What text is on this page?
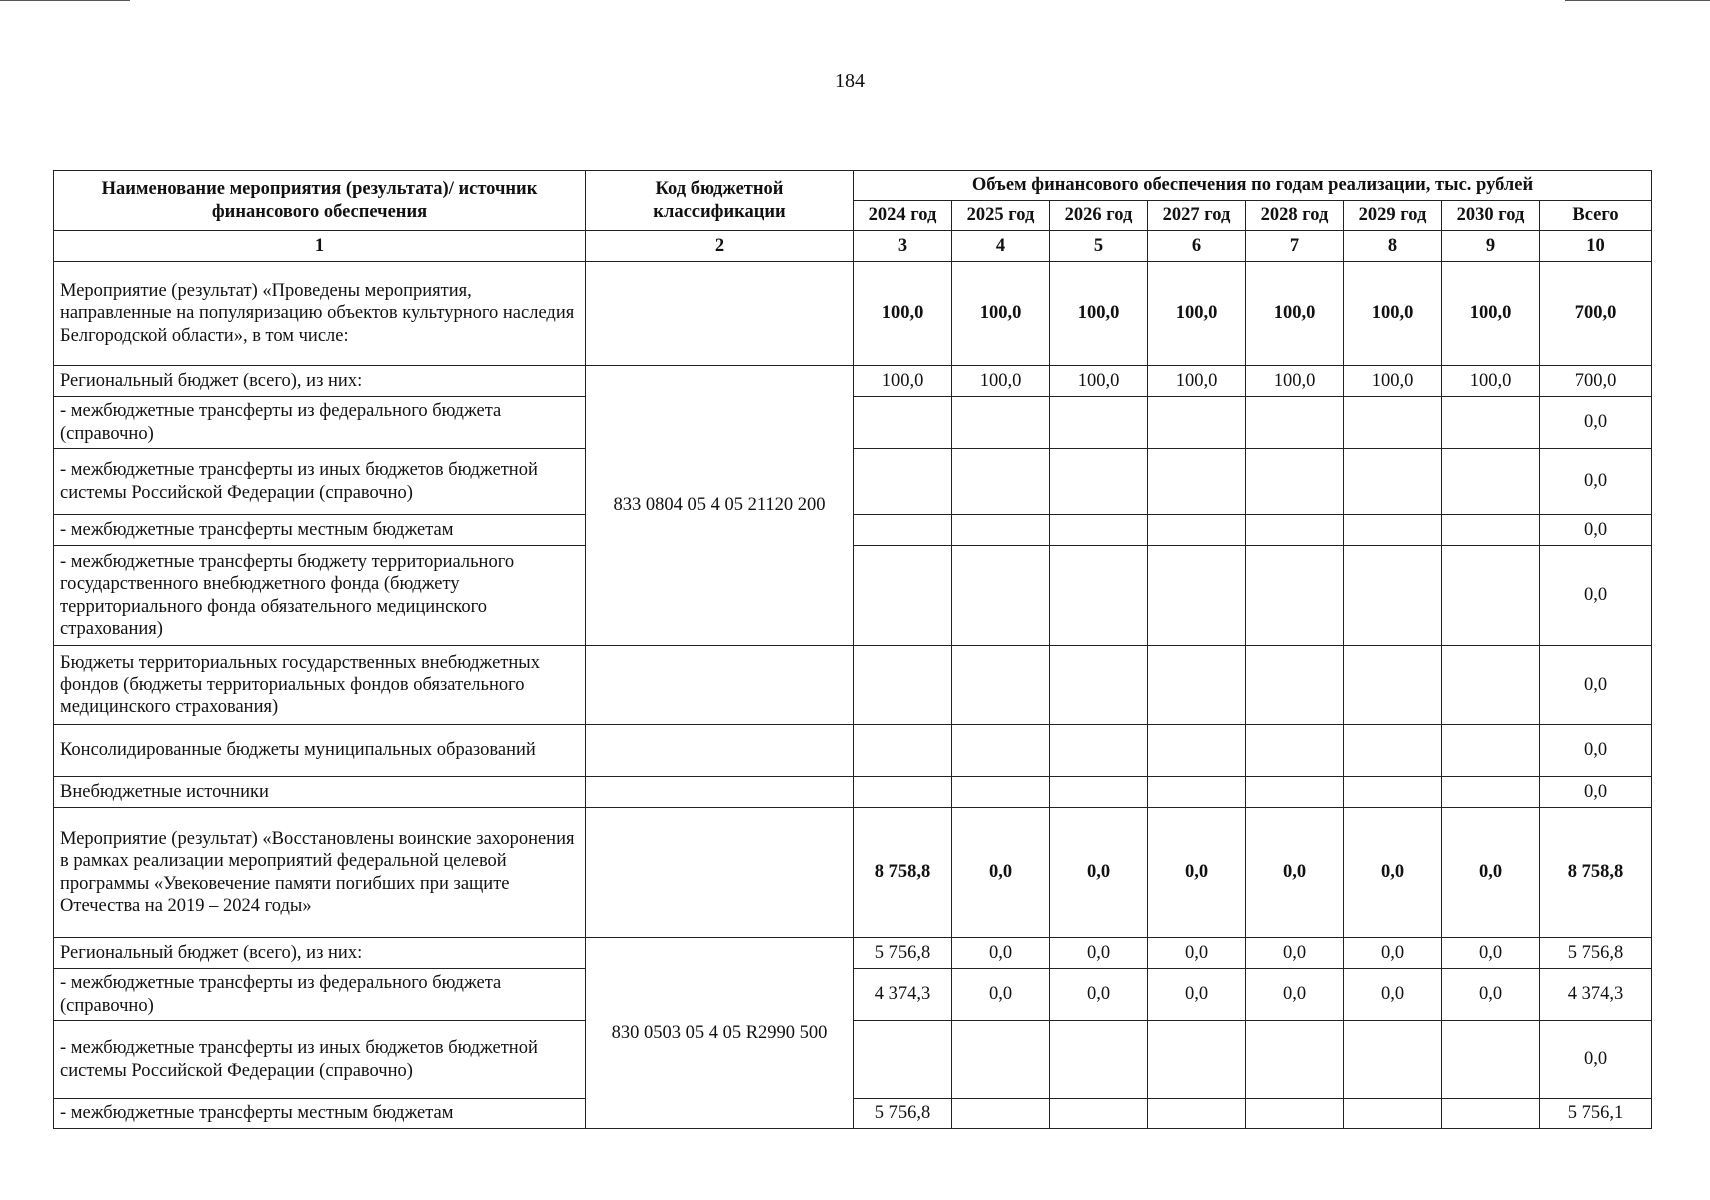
184
Наименование мероприятия (результата)/ источник финансового обеспечения	Код бюджетной классификации	Объем финансового обеспечения по годам реализации, тыс. рублей							
		2024 год	2025 год	2026 год	2027 год	2028 год	2029 год	2030 год	Всего
1	2	3	4	5	6	7	8	9	10
Мероприятие (результат) «Проведены мероприятия, направленные на популяризацию объектов культурного наследия Белгородской области», в том числе:		100,0	100,0	100,0	100,0	100,0	100,0	100,0	700,0
Региональный бюджет (всего), из них:	833 0804 05 4 05 21120 200	100,0	100,0	100,0	100,0	100,0	100,0	100,0	700,0
- межбюджетные трансферты из федерального бюджета (справочно)									0,0
- межбюджетные трансферты из иных бюджетов бюджетной системы Российской Федерации (справочно)									0,0
- межбюджетные трансферты местным бюджетам									0,0
- межбюджетные трансферты бюджету территориального государственного внебюджетного фонда (бюджету территориального фонда обязательного медицинского страхования)									0,0
Бюджеты территориальных государственных внебюджетных фондов (бюджеты территориальных фондов обязательного медицинского страхования)									0,0
Консолидированные бюджеты муниципальных образований									0,0
Внебюджетные источники									0,0
Мероприятие (результат) «Восстановлены воинские захоронения в рамках реализации мероприятий федеральной целевой программы «Увековечение памяти погибших при защите Отечества на 2019 – 2024 годы»		8 758,8	0,0	0,0	0,0	0,0	0,0	0,0	8 758,8
Региональный бюджет (всего), из них:	830 0503 05 4 05 R2990 500	5 756,8	0,0	0,0	0,0	0,0	0,0	0,0	5 756,8
- межбюджетные трансферты из федерального бюджета (справочно)		4 374,3	0,0	0,0	0,0	0,0	0,0	0,0	4 374,3
- межбюджетные трансферты из иных бюджетов бюджетной системы Российской Федерации (справочно)									0,0
- межбюджетные трансферты местным бюджетам		5 756,8							5 756,1
